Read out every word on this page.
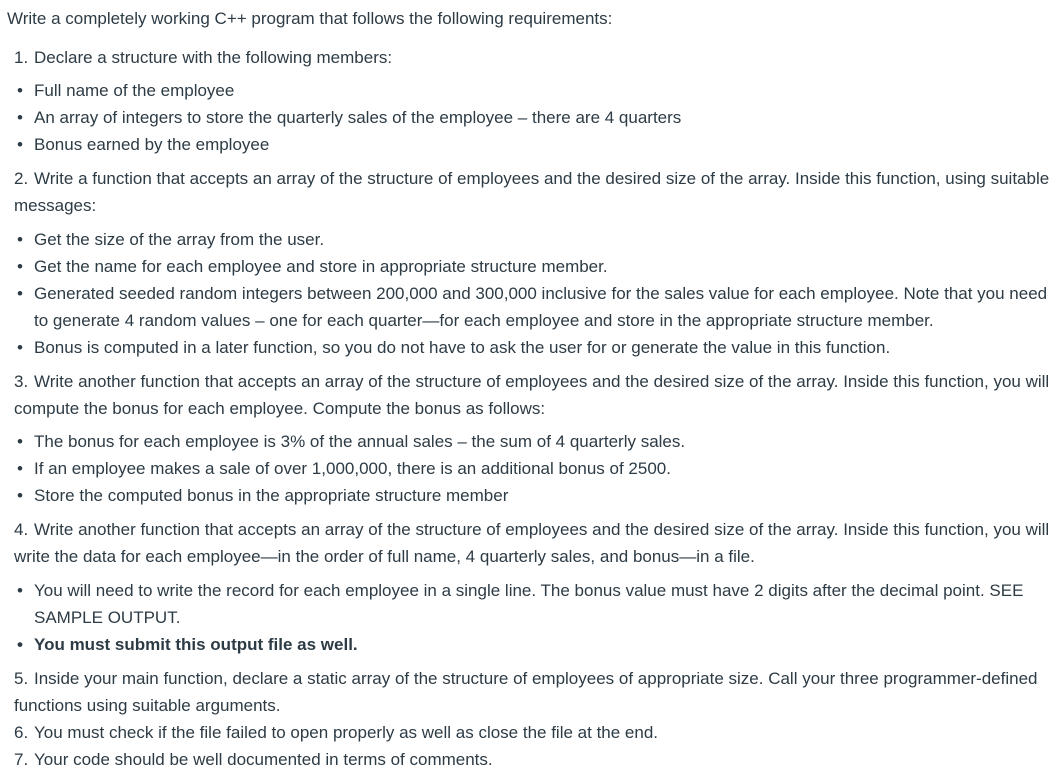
Write a completely working C++ program that follows the following requirements:
1. Declare a structure with the following members:
• Full name of the employee
• An array of integers to store the quarterly sales of the employee – there are 4 quarters
• Bonus earned by the employee
2. Write a function that accepts an array of the structure of employees and the desired size of the array. Inside this function, using suitable messages:
• Get the size of the array from the user.
• Get the name for each employee and store in appropriate structure member.
• Generated seeded random integers between 200,000 and 300,000 inclusive for the sales value for each employee. Note that you need to generate 4 random values – one for each quarter—for each employee and store in the appropriate structure member.
• Bonus is computed in a later function, so you do not have to ask the user for or generate the value in this function.
3. Write another function that accepts an array of the structure of employees and the desired size of the array. Inside this function, you will compute the bonus for each employee. Compute the bonus as follows:
• The bonus for each employee is 3% of the annual sales – the sum of 4 quarterly sales.
• If an employee makes a sale of over 1,000,000, there is an additional bonus of 2500.
• Store the computed bonus in the appropriate structure member
4. Write another function that accepts an array of the structure of employees and the desired size of the array. Inside this function, you will write the data for each employee—in the order of full name, 4 quarterly sales, and bonus—in a file.
• You will need to write the record for each employee in a single line. The bonus value must have 2 digits after the decimal point. SEE SAMPLE OUTPUT.
• You must submit this output file as well.
5. Inside your main function, declare a static array of the structure of employees of appropriate size. Call your three programmer-defined functions using suitable arguments.
6. You must check if the file failed to open properly as well as close the file at the end.
7. Your code should be well documented in terms of comments.
